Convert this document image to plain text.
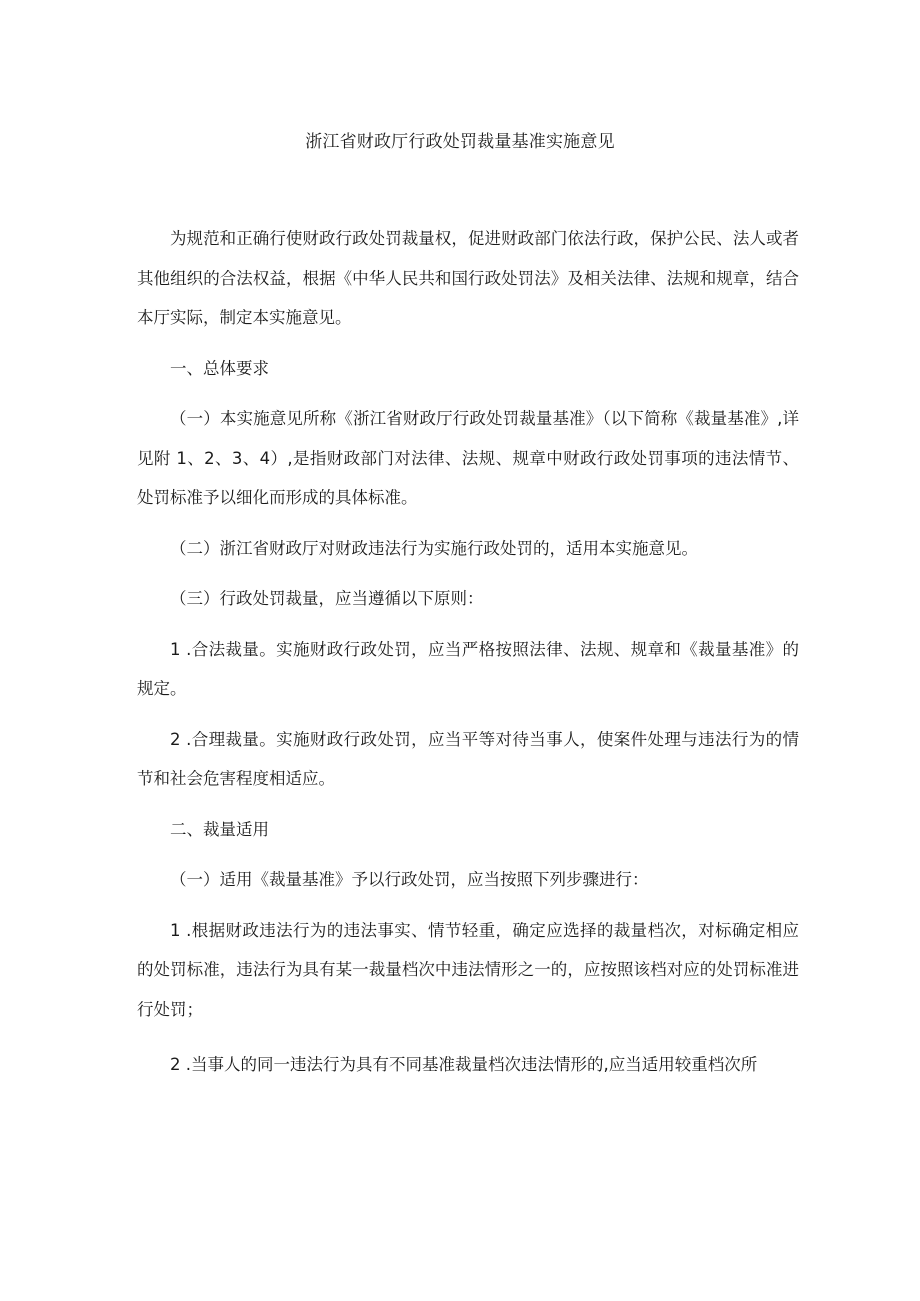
浙江省财政厅行政处罚裁量基准实施意见

为规范和正确行使财政行政处罚裁量权，促进财政部门依法行政，保护公民、法人或者其他组织的合法权益，根据《中华人民共和国行政处罚法》及相关法律、法规和规章，结合本厅实际，制定本实施意见。

一、总体要求

（一）本实施意见所称《浙江省财政厅行政处罚裁量基准》（以下简称《裁量基准》,详见附 1、2、3、4）,是指财政部门对法律、法规、规章中财政行政处罚事项的违法情节、处罚标准予以细化而形成的具体标准。

（二）浙江省财政厅对财政违法行为实施行政处罚的，适用本实施意见。

（三）行政处罚裁量，应当遵循以下原则：

1 .合法裁量。实施财政行政处罚，应当严格按照法律、法规、规章和《裁量基准》的规定。

2 .合理裁量。实施财政行政处罚，应当平等对待当事人，使案件处理与违法行为的情节和社会危害程度相适应。

二、裁量适用

（一）适用《裁量基准》予以行政处罚，应当按照下列步骤进行：

1 .根据财政违法行为的违法事实、情节轻重，确定应选择的裁量档次，对标确定相应的处罚标准，违法行为具有某一裁量档次中违法情形之一的，应按照该档对应的处罚标准进行处罚；

2 .当事人的同一违法行为具有不同基准裁量档次违法情形的,应当适用较重档次所
